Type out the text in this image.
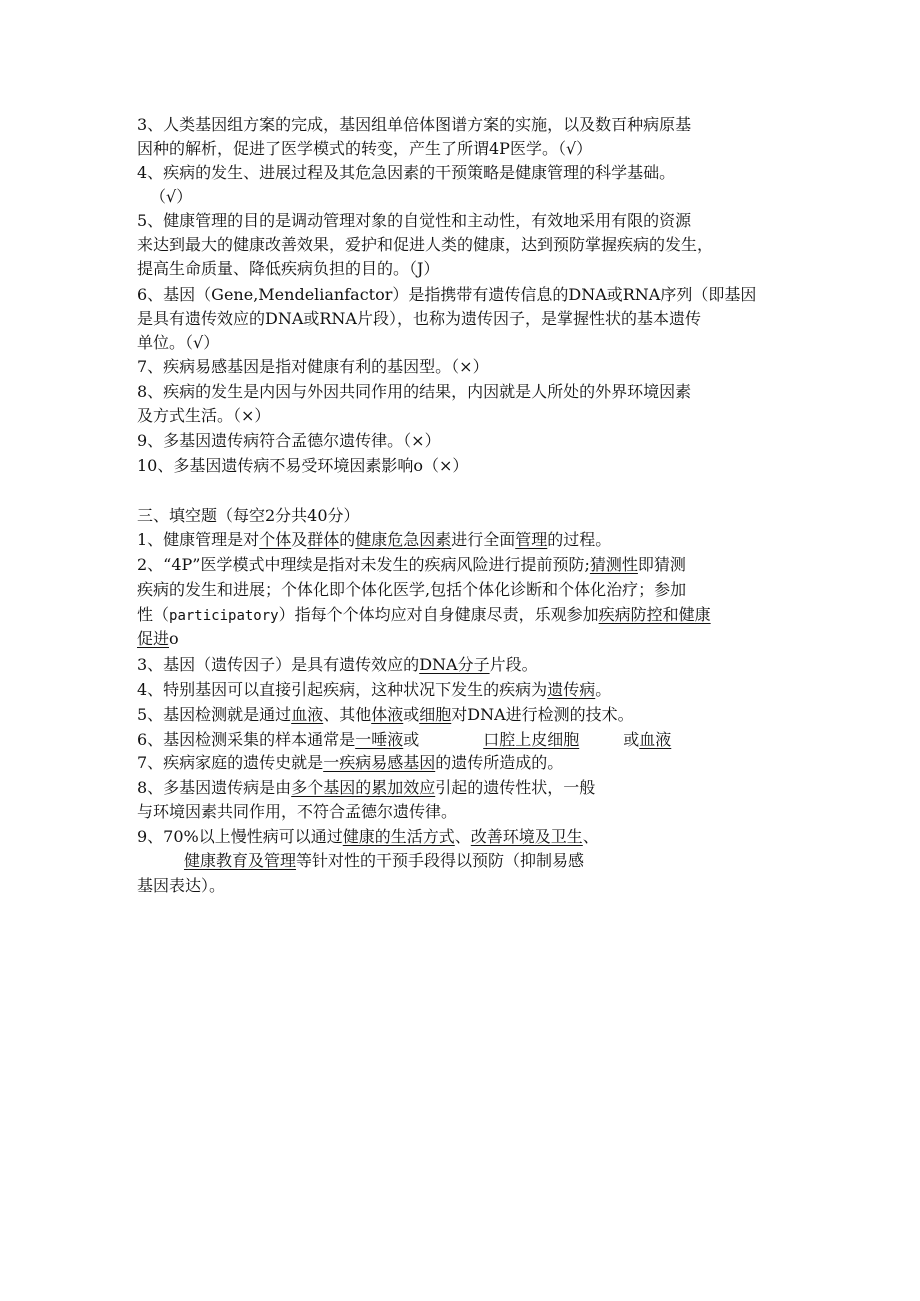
3、人类基因组方案的完成，基因组单倍体图谱方案的实施，以及数百种病原基
因种的解析，促进了医学模式的转变，产生了所谓4P医学。（√）
4、疾病的发生、进展过程及其危急因素的干预策略是健康管理的科学基础。
（√）
5、健康管理的目的是调动管理对象的自觉性和主动性，有效地采用有限的资源
来达到最大的健康改善效果，爱护和促进人类的健康，达到预防掌握疾病的发生，
提高生命质量、降低疾病负担的目的。（J）
6、基因（Gene,Mendelianfactor）是指携带有遗传信息的DNA或RNA序列（即基因
是具有遗传效应的DNA或RNA片段），也称为遗传因子，是掌握性状的基本遗传
单位。（√）
7、疾病易感基因是指对健康有利的基因型。（×）
8、疾病的发生是内因与外因共同作用的结果，内因就是人所处的外界环境因素
及方式生活。（×）
9、多基因遗传病符合孟德尔遗传律。（×）
10、多基因遗传病不易受环境因素影响o（×）
三、填空题（每空2分共40分）
1、健康管理是对个体及群体的健康危急因素进行全面管理的过程。
2、“4P”医学模式中理续是指对未发生的疾病风险进行提前预防;猜测性即猜测
疾病的发生和进展；个体化即个体化医学,包括个体化诊断和个体化治疗；参加
性（participatory）指每个个体均应对自身健康尽责，乐观参加疾病防控和健康
促进o
3、基因（遗传因子）是具有遗传效应的DNA分子片段。
4、特别基因可以直接引起疾病，这种状况下发生的疾病为遗传病。
5、基因检测就是通过血液、其他体液或细胞对DNA进行检测的技术。
6、基因检测采集的样本通常是一唾液或	口腔上皮细胞	或血液
7、疾病家庭的遗传史就是一疾病易感基因的遗传所造成的。
8、多基因遗传病是由多个基因的累加效应引起的遗传性状，一般
与环境因素共同作用，不符合孟德尔遗传律。
9、70%以上慢性病可以通过健康的生活方式、改善环境及卫生、
健康教育及管理等针对性的干预手段得以预防（抑制易感
基因表达）。
